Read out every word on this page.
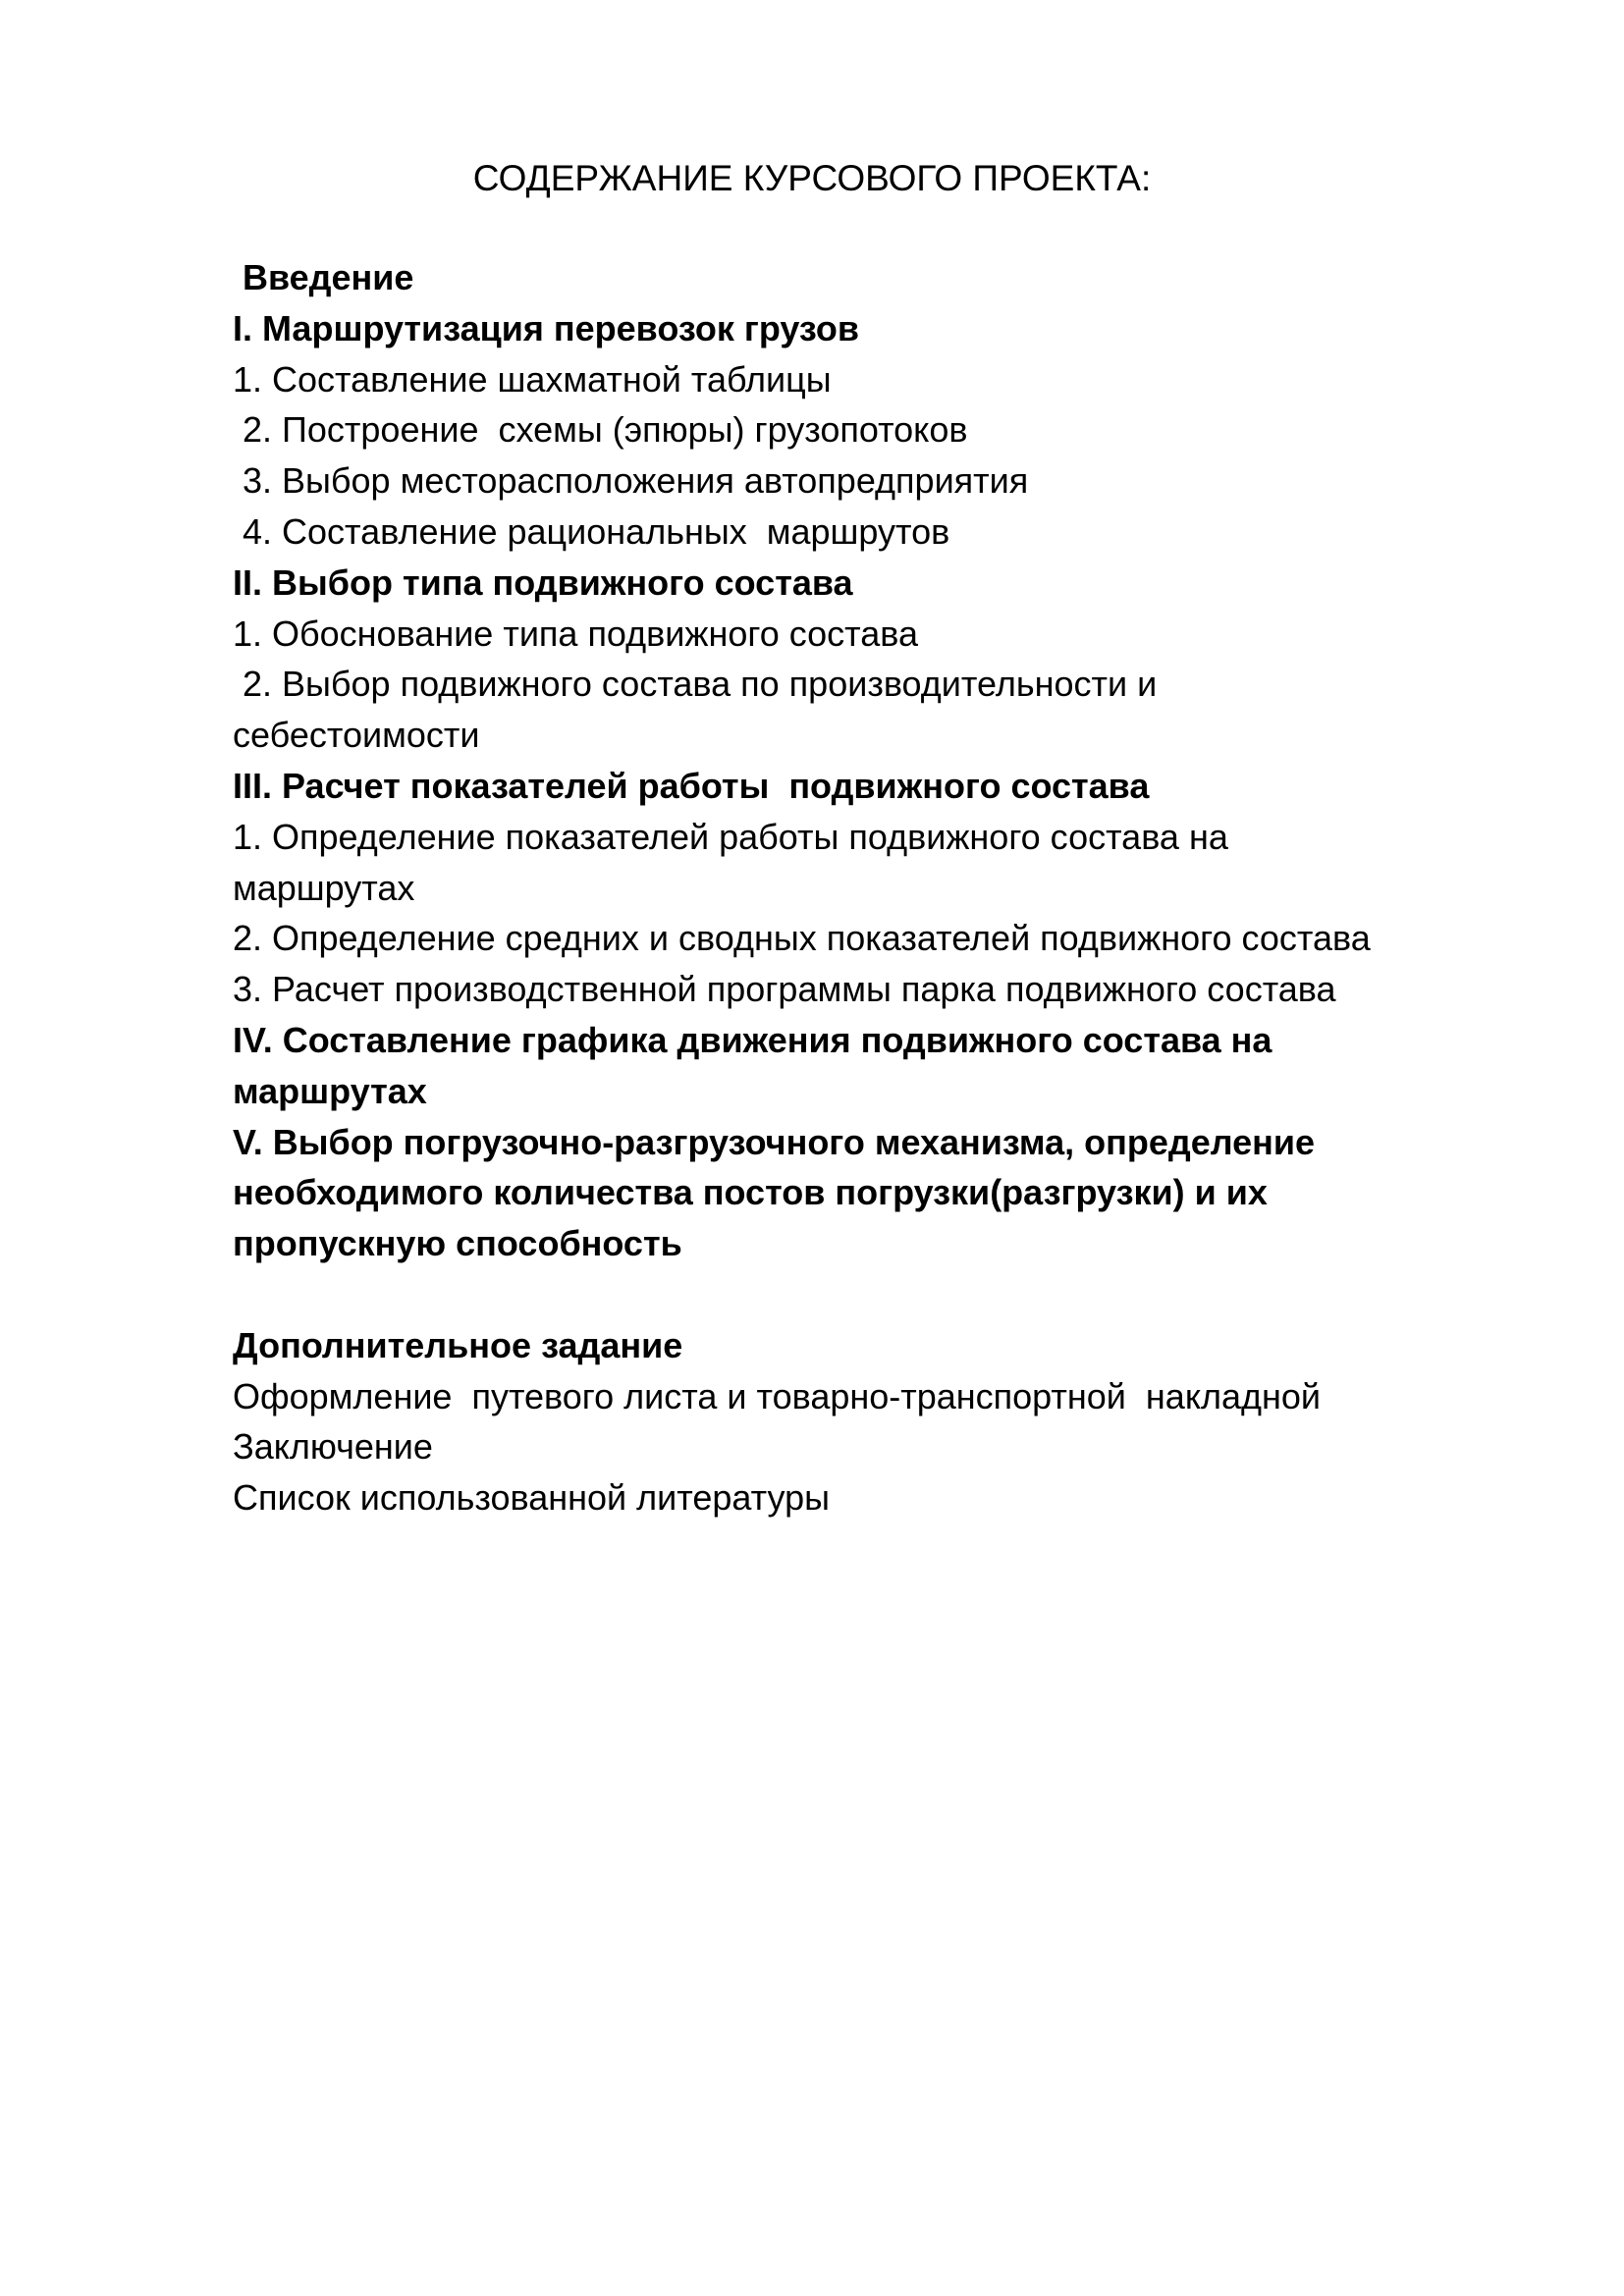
СОДЕРЖАНИЕ КУРСОВОГО ПРОЕКТА:
Введение
I. Маршрутизация перевозок грузов
1. Составление шахматной таблицы
2. Построение  схемы (эпюры) грузопотоков
3. Выбор месторасположения автопредприятия
4. Составление рациональных  маршрутов
II. Выбор типа подвижного состава
1. Обоснование типа подвижного состава
2. Выбор подвижного состава по производительности и
себестоимости
III. Расчет показателей работы  подвижного состава
1. Определение показателей работы подвижного состава на
маршрутах
2. Определение средних и сводных показателей подвижного состава
3. Расчет производственной программы парка подвижного состава
IV. Составление графика движения подвижного состава на
маршрутах
V. Выбор погрузочно-разгрузочного механизма, определение
необходимого количества постов погрузки(разгрузки) и их
пропускную способность
Дополнительное задание
Оформление  путевого листа и товарно-транспортной  накладной
Заключение
Список использованной литературы
